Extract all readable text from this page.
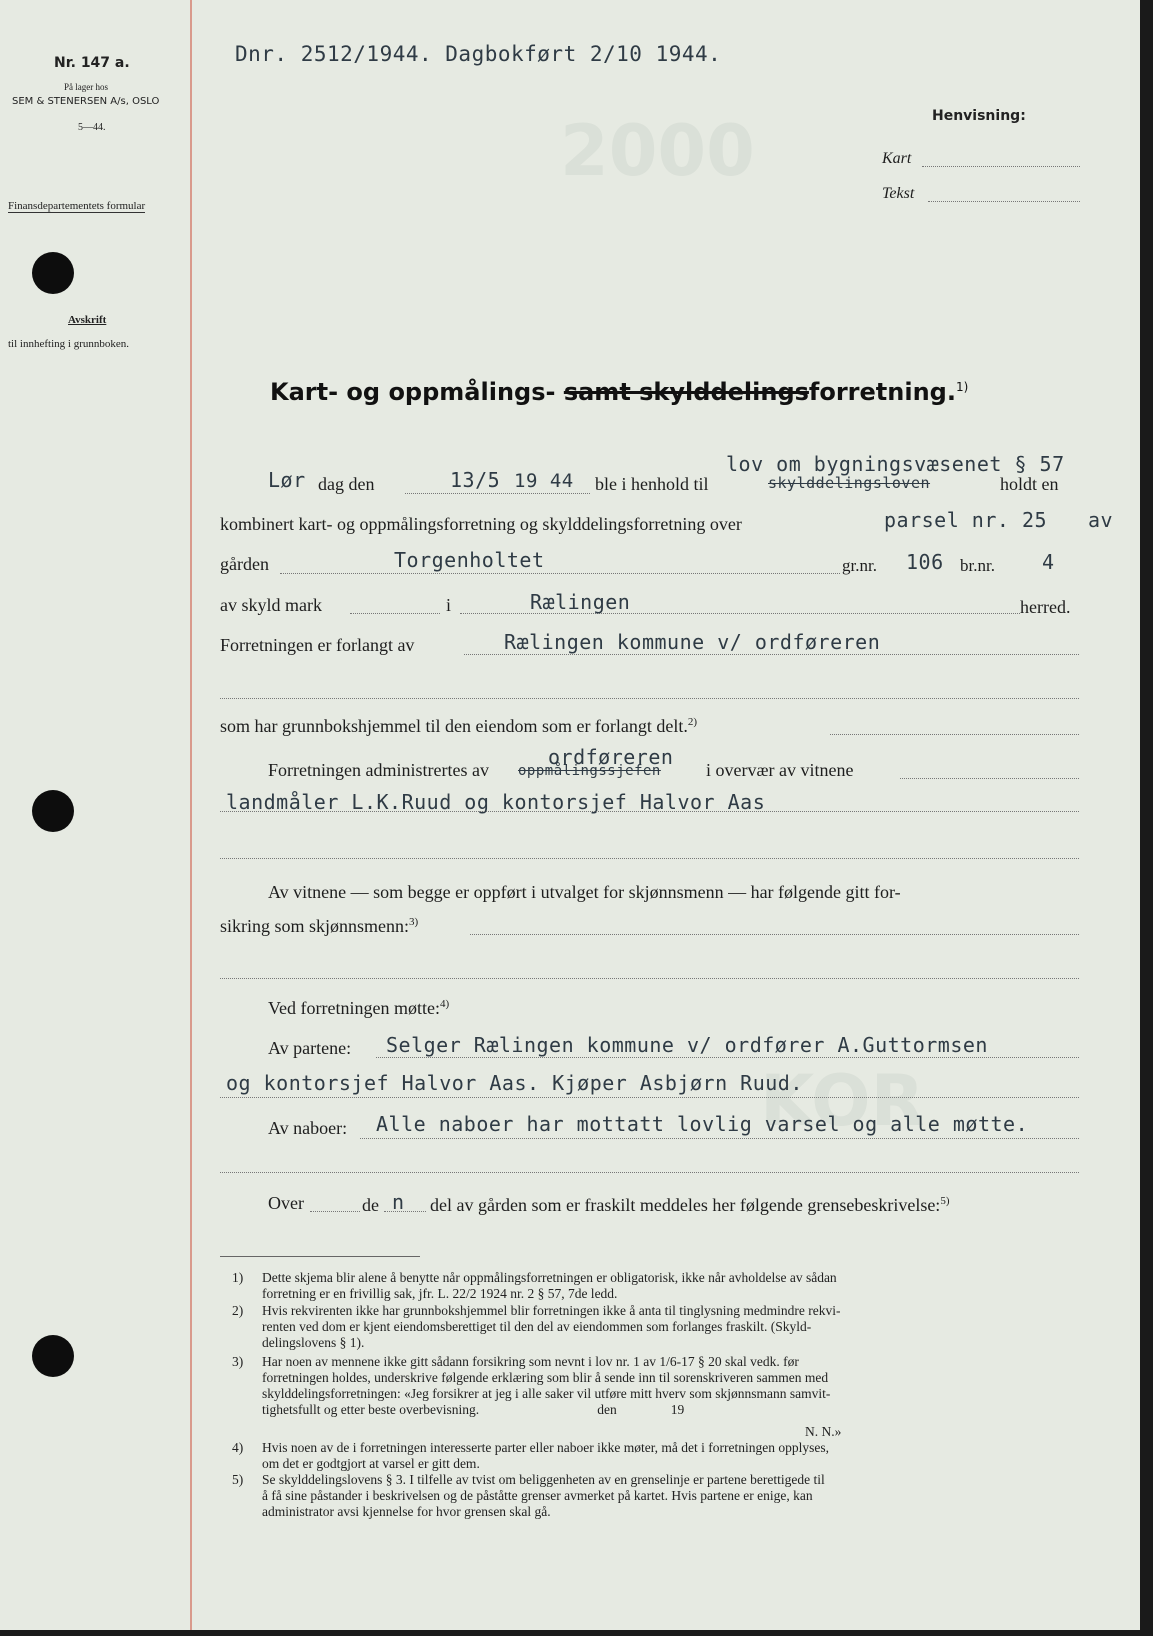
2000
KOR
Nr. 147 a.
På lager hos
SEM & STENERSEN A/s, OSLO
5—44.
Finansdepartementets formular
Avskrift
til innhefting i grunnboken.
Dnr. 2512/1944. Dagbokført 2/10 1944.
Henvisning:
Kart
Tekst
Kart- og oppmålings- samt skylddelingsforretning.$^{1)}$
lov om bygningsvæsenet § 57
Lør dag den	13/5 19 44 ble i henhold til	skylddelingsloven	holdt en
kombinert kart- og oppmålingsforretning og skylddelingsforretning over	parsel nr. 25 av
gården	Torgenholtet	gr.nr. 106 br.nr. 4
av skyld mark	i	Rælingen	herred.
Forretningen er forlangt av	Rælingen kommune v/ ordføreren
som har grunnbokshjemmel til den eiendom som er forlangt delt.$^{2)}$
Forretningen administrertes av oppmålingssjefen
ordføreren
i overvær av vitnene
landmåler L.K.Ruud og kontorsjef Halvor Aas
Av vitnene — som begge er oppført i utvalget for skjønnsmenn — har følgende gitt for-
sikring som skjønnsmenn:$^{3)}$
Ved forretningen møtte:$^{4)}$
Av partene: Selger Rælingen kommune v/ ordfører A.Guttormsen
og kontorsjef Halvor Aas. Kjøper Asbjørn Ruud.
Av naboer: Alle naboer har mottatt lovlig varsel og alle møtte.
Over	de n del av gården som er fraskilt meddeles her følgende grensebeskrivelse:$^{5)}$
1) Dette skjema blir alene å benytte når oppmålingsforretningen er obligatorisk, ikke når avholdelse av sådan
forretning er en frivillig sak, jfr. L. 22/2 1924 nr. 2 § 57, 7de ledd.
2) Hvis rekvirenten ikke har grunnbokshjemmel blir forretningen ikke å anta til tinglysning medmindre rekvi-
renten ved dom er kjent eiendomsberettiget til den del av eiendommen som forlanges fraskilt. (Skyld-
delingslovens § 1).
3) Har noen av mennene ikke gitt sådann forsikring som nevnt i lov nr. 1 av 1/6-17 § 20 skal vedk. før
forretningen holdes, underskrive følgende erklæring som blir å sende inn til sorenskriveren sammen med
skylddelingsforretningen: «Jeg forsikrer at jeg i alle saker vil utføre mitt hverv som skjønnsmann samvit-
tighetsfullt og etter beste overbevisning.                                   den                19
N. N.»
4) Hvis noen av de i forretningen interesserte parter eller naboer ikke møter, må det i forretningen opplyses,
om det er godtgjort at varsel er gitt dem.
5) Se skylddelingslovens § 3. I tilfelle av tvist om beliggenheten av en grenselinje er partene berettigede til
å få sine påstander i beskrivelsen og de påståtte grenser avmerket på kartet. Hvis partene er enige, kan
administrator avsi kjennelse for hvor grensen skal gå.
